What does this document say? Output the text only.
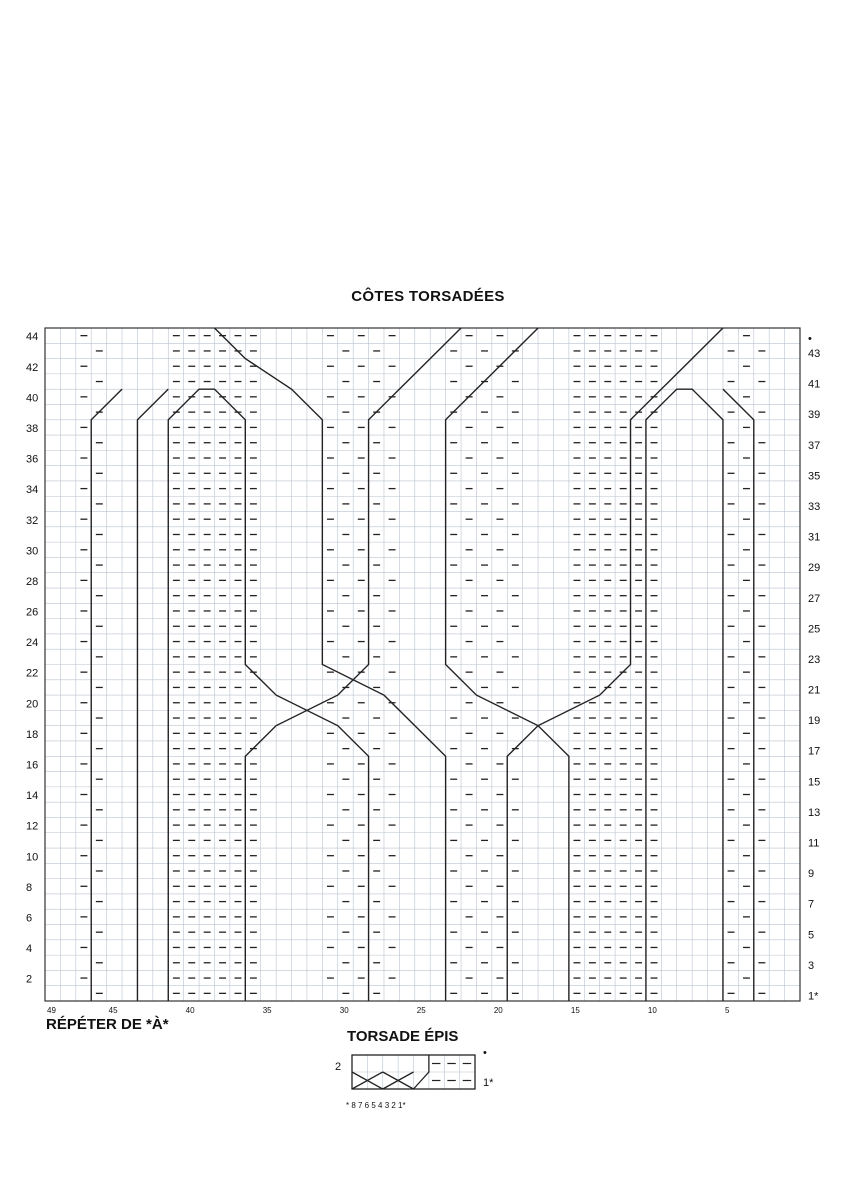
CÔTES TORSADÉES
44
42
40
38
36
34
32
30
28
26
24
22
20
18
16
14
12
10
8
6
4
2
•
43
41
39
37
35
33
31
29
27
25
23
21
19
17
15
13
11
9
7
5
3
1*
49	45	40	35	30	25	20	15	10	5
2
•
1*
* 8 7 6 5 4 3 2 1*
RÉPÉTER DE *À*
TORSADE ÉPIS
